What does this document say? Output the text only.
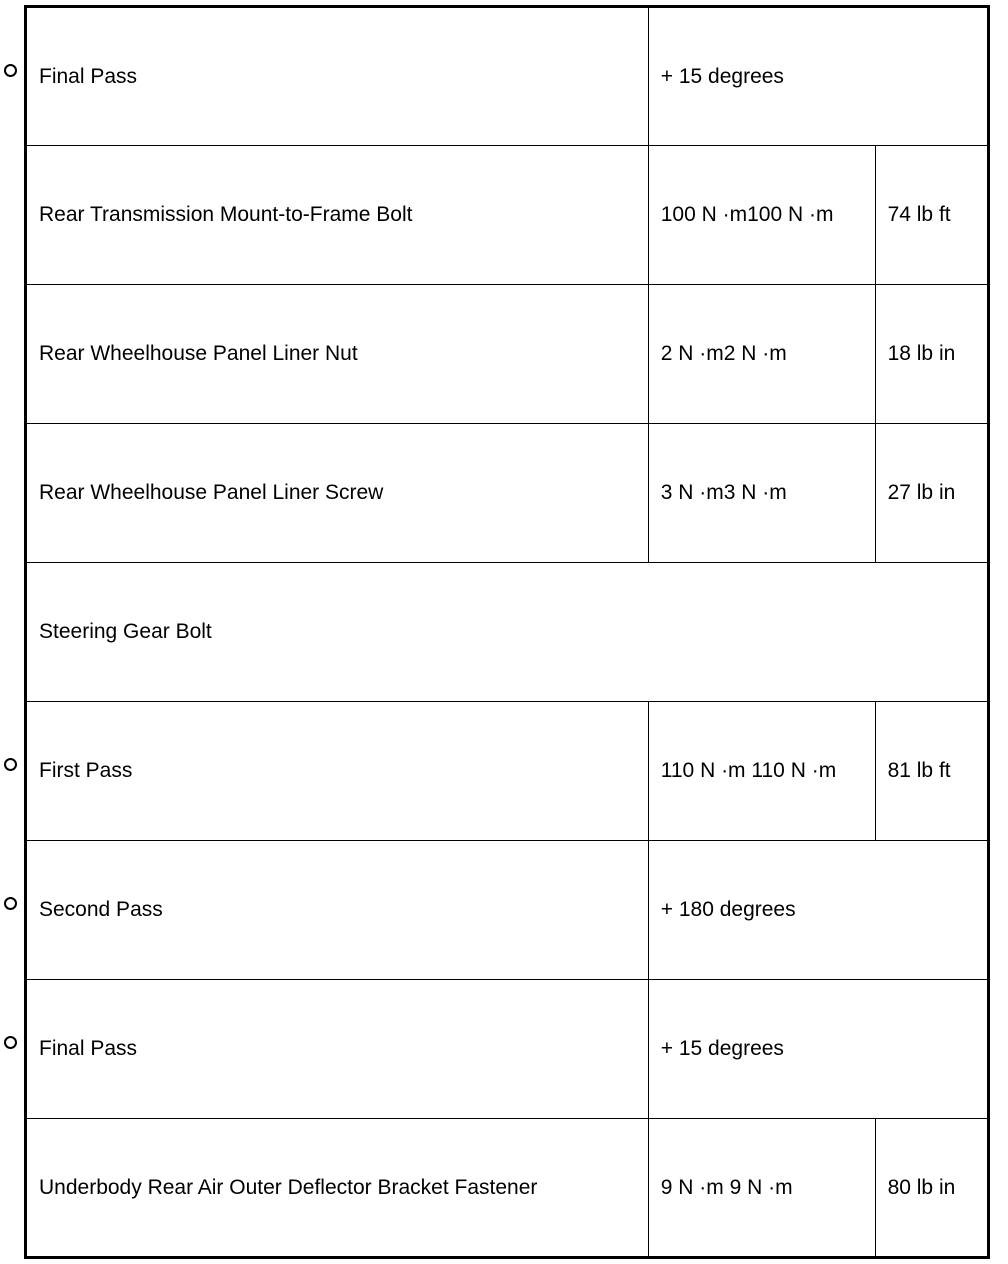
Final Pass	+ 15 degrees	
Rear Transmission Mount-to-Frame Bolt	100 N ·m100 N ·m	74 lb ft
Rear Wheelhouse Panel Liner Nut	2 N ·m2 N ·m	18 lb in
Rear Wheelhouse Panel Liner Screw	3 N ·m3 N ·m	27 lb in
Steering Gear Bolt		
First Pass	110 N ·m 110 N ·m	81 lb ft
Second Pass	+ 180 degrees	
Final Pass	+ 15 degrees	
Underbody Rear Air Outer Deflector Bracket Fastener	9 N ·m 9 N ·m	80 lb in
